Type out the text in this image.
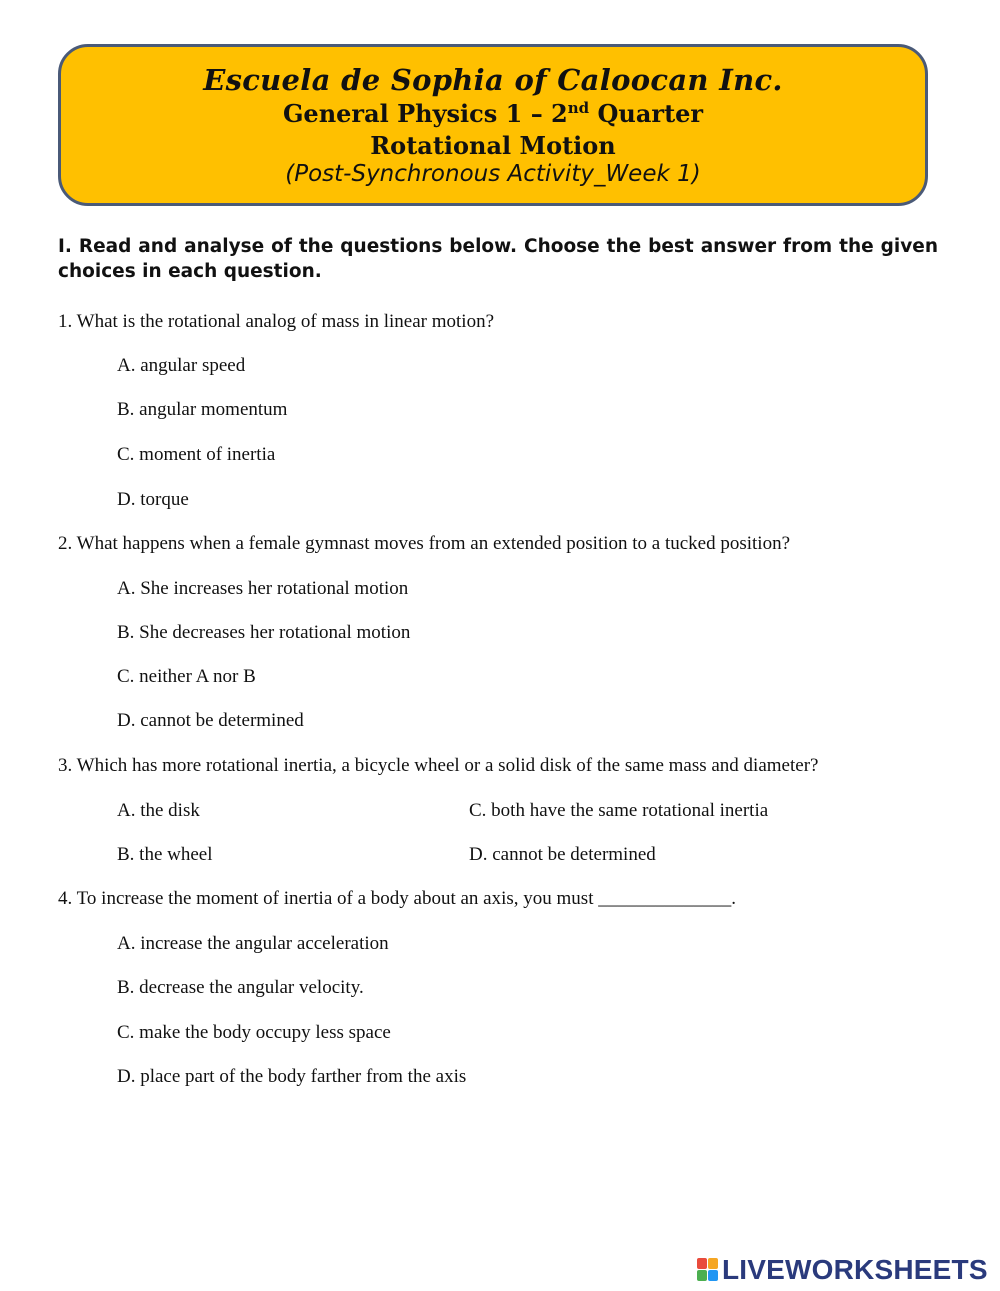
Escuela de Sophia of Caloocan Inc.
General Physics 1 – 2nd Quarter
Rotational Motion
(Post-Synchronous Activity_Week 1)
I. Read and analyse of the questions below. Choose the best answer from the given choices in each question.
1. What is the rotational analog of mass in linear motion?
A. angular speed
B. angular momentum
C. moment of inertia
D. torque
2. What happens when a female gymnast moves from an extended position to a tucked position?
A. She increases her rotational motion
B. She decreases her rotational motion
C. neither A nor B
D. cannot be determined
3. Which has more rotational inertia, a bicycle wheel or a solid disk of the same mass and diameter?
A. the disk	C. both have the same rotational inertia
B. the wheel	D. cannot be determined
4. To increase the moment of inertia of a body about an axis, you must ______________.
A. increase the angular acceleration
B. decrease the angular velocity.
C. make the body occupy less space
D. place part of the body farther from the axis
LIVEWORKSHEETS
